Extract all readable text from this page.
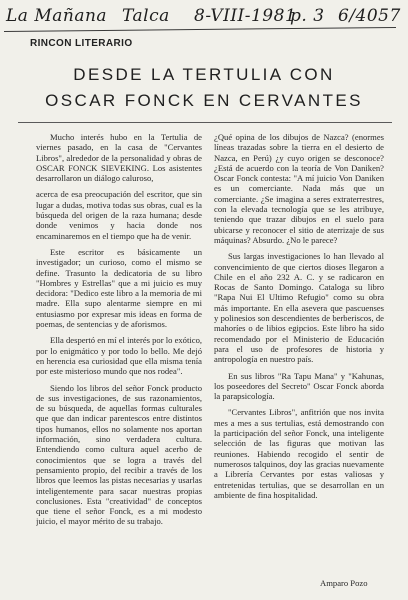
La Mañana Talca 8-VIII-1981
p. 3 6/4057
RINCON LITERARIO
DESDE LA TERTULIA CON
OSCAR FONCK EN CERVANTES

Mucho interés hubo en la Tertulia de viernes pasado, en la casa de "Cervantes Libros", alrededor de la personalidad y obras de OSCAR FONCK SIEVEKING. Los asistentes desarrollaron un diálogo caluroso,

acerca de esa preocupación del escritor, que sin lugar a dudas, motiva todas sus obras, cual es la búsqueda del origen de la raza humana; desde donde venimos y hacia donde nos encaminaremos en el tiempo que ha de venir.

Este escritor es básicamente un investigador; un curioso, como el mismo se define. Trasunto la dedicatoria de su libro "Hombres y Estrellas" que a mi juicio es muy decidora: "Dedico este libro a la memoria de mi madre. Ella supo alentarme siempre en mi entusiasmo por expresar mis ideas en forma de poemas, de sentencias y de aforismos.

Ella despertó en mí el interés por lo exótico, por lo enigmático y por todo lo bello. Me dejó en herencia esa curiosidad que ella misma tenía por este misterioso mundo que nos rodea".

Siendo los libros del señor Fonck producto de sus investigaciones, de sus razonamientos, de su búsqueda, de aquellas formas culturales que que dan indicar parentescos entre distintos tipos humanos, ellos no solamente nos aportan información, sino verdadera cultura. Entendiendo como cultura aquel acerbo de conocimientos que se logra a través del pensamiento propio, del recibir a través de los libros que leemos las pistas necesarias y usarlas inteligentemente para sacar nuestras propias conclusiones. Esta "creatividad" de conceptos que tiene el señor Fonck, es a mi modesto juicio, el mayor mérito de su trabajo.

¿Qué opina de los dibujos de Nazca? (enormes líneas trazadas sobre la tierra en el desierto de Nazca, en Perú) ¿y cuyo origen se desconoce? ¿Está de acuerdo con la teoría de Von Daniken? Oscar Fonck contesta: "A mí juicio Von Daniken es un comerciante. Nada más que un comerciante. ¿Se imagina a seres extraterrestres, con la elevada tecnología que se les atribuye, teniendo que trazar dibujos en el suelo para ubicarse y reconocer el sitio de aterrizaje de sus máquinas? Absurdo. ¿No le parece?

Sus largas investigaciones lo han llevado al convencimiento de que ciertos dioses llegaron a Chile en el año 232 A. C. y se radicaron en Rocas de Santo Domingo. Cataloga su libro "Rapa Nui El Ultimo Refugio" como su obra más importante. En ella asevera que pascuenses y polinesios son descendientes de berberiscos, de mahoríes o de libios egipcios. Este libro ha sido recomendado por el Ministerio de Educación para el uso de profesores de historia y antropología en nuestro país.

En sus libros "Ra Tapu Mana" y "Kahunas, los poseedores del Secreto" Oscar Fonck aborda la parapsicología.

"Cervantes Libros", anfitrión que nos invita mes a mes a sus tertulias, está demostrando con la participación del señor Fonck, una inteligente selección de las figuras que motivan las reuniones. Habiendo recogido el sentir de numerosos talquinos, doy las gracias nuevamente a Librería Cervantes por estas valiosas y entretenidas tertulias, que se desarrollan en un ambiente de fina hospitalidad.

Amparo Pozo
